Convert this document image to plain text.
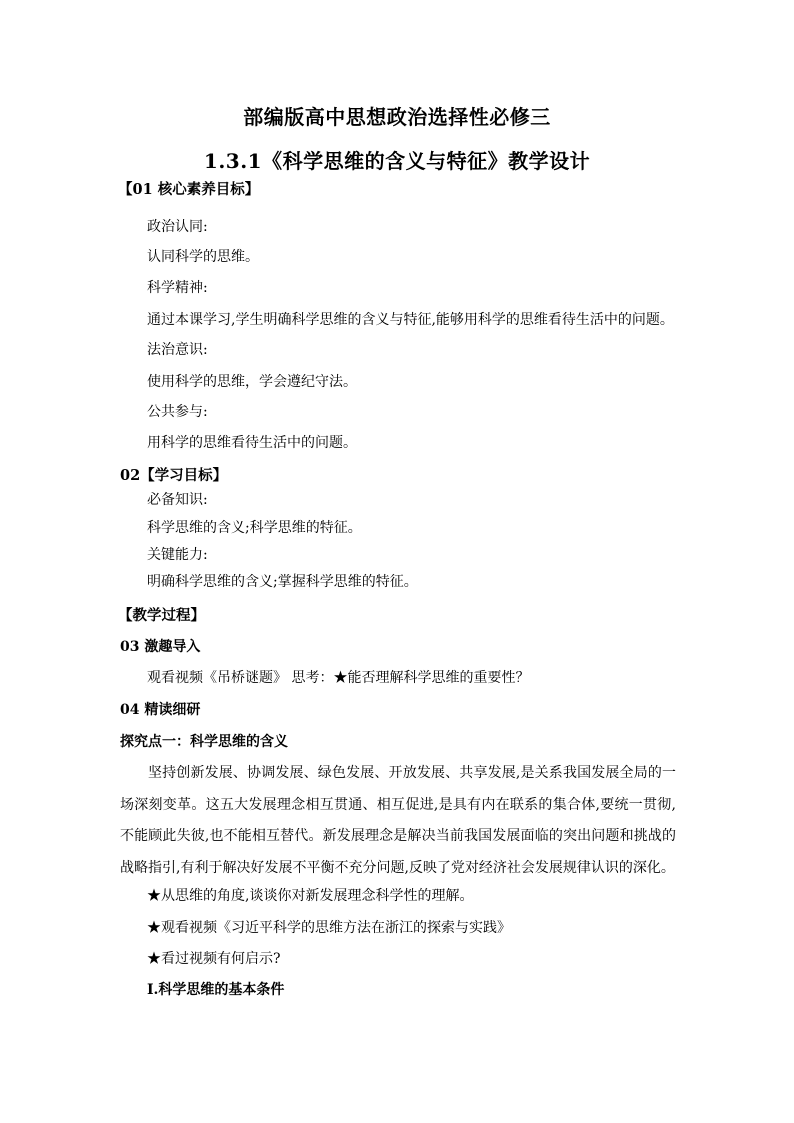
部编版高中思想政治选择性必修三
1.3.1《科学思维的含义与特征》教学设计
【01 核心素养目标】
政治认同:
认同科学的思维。
科学精神:
通过本课学习,学生明确科学思维的含义与特征,能够用科学的思维看待生活中的问题。
法治意识:
使用科学的思维，学会遵纪守法。
公共参与:
用科学的思维看待生活中的问题。
02【学习目标】
必备知识:
科学思维的含义;科学思维的特征。
关键能力:
明确科学思维的含义;掌握科学思维的特征。
【教学过程】
03 激趣导入
观看视频《吊桥谜题》 思考：★能否理解科学思维的重要性？
04 精读细研
探究点一：科学思维的含义
坚持创新发展、协调发展、绿色发展、开放发展、共享发展,是关系我国发展全局的一场深刻变革。这五大发展理念相互贯通、相互促进,是具有内在联系的集合体,要统一贯彻,不能顾此失彼,也不能相互替代。新发展理念是解决当前我国发展面临的突出问题和挑战的战略指引,有利于解决好发展不平衡不充分问题,反映了党对经济社会发展规律认识的深化。
★从思维的角度,谈谈你对新发展理念科学性的理解。
★观看视频《习近平科学的思维方法在浙江的探索与实践》
★看过视频有何启示?
Ⅰ.科学思维的基本条件
